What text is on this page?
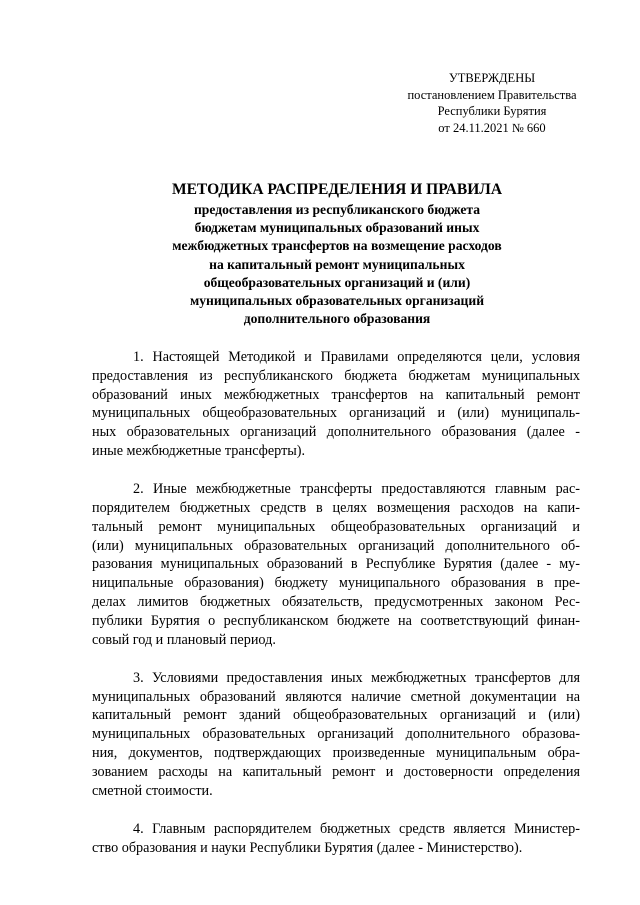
УТВЕРЖДЕНЫ
постановлением Правительства
Республики Бурятия
от 24.11.2021 № 660
МЕТОДИКА РАСПРЕДЕЛЕНИЯ И ПРАВИЛА
предоставления из республиканского бюджета
бюджетам муниципальных образований иных
межбюджетных трансфертов на возмещение расходов
на капитальный ремонт муниципальных
общеобразовательных организаций и (или)
муниципальных образовательных организаций
дополнительного образования
1. Настоящей Методикой и Правилами определяются цели, условия
предоставления из республиканского бюджета бюджетам муниципальных
образований иных межбюджетных трансфертов на капитальный ремонт
муниципальных общеобразовательных организаций и (или) муниципаль-
ных образовательных организаций дополнительного образования (далее -
иные межбюджетные трансферты).
2. Иные межбюджетные трансферты предоставляются главным рас-
порядителем бюджетных средств в целях возмещения расходов на капи-
тальный ремонт муниципальных общеобразовательных организаций и
(или) муниципальных образовательных организаций дополнительного об-
разования муниципальных образований в Республике Бурятия (далее - му-
ниципальные образования) бюджету муниципального образования в пре-
делах лимитов бюджетных обязательств, предусмотренных законом Рес-
публики Бурятия о республиканском бюджете на соответствующий финан-
совый год и плановый период.
3. Условиями предоставления иных межбюджетных трансфертов для
муниципальных образований являются наличие сметной документации на
капитальный ремонт зданий общеобразовательных организаций и (или)
муниципальных образовательных организаций дополнительного образова-
ния, документов, подтверждающих произведенные муниципальным обра-
зованием расходы на капитальный ремонт и достоверности определения
сметной стоимости.
4. Главным распорядителем бюджетных средств является Министер-
ство образования и науки Республики Бурятия (далее - Министерство).
